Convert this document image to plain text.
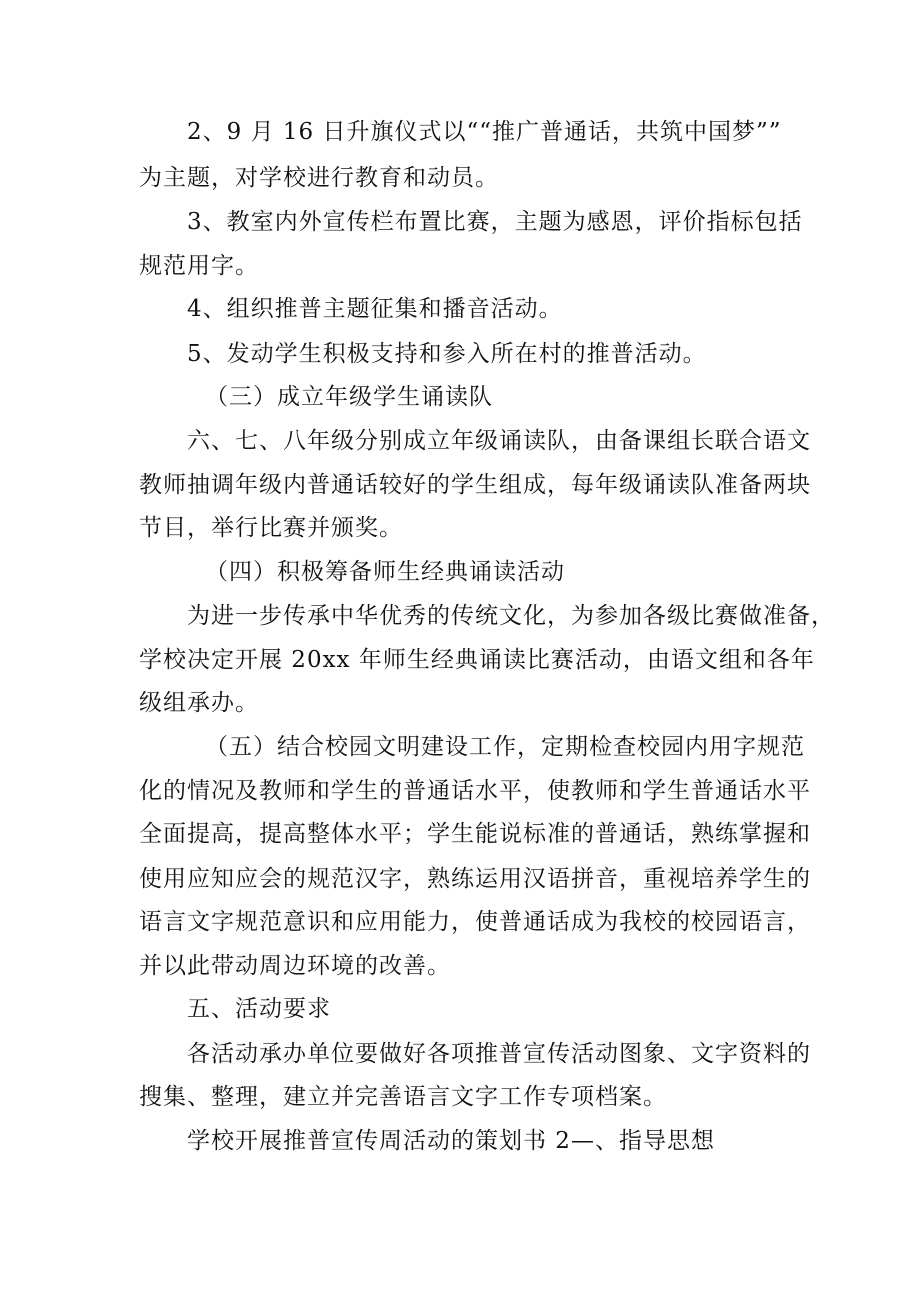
2、9 月 16 日升旗仪式以““推广普通话，共筑中国梦””
为主题，对学校进行教育和动员。
3、教室内外宣传栏布置比赛，主题为感恩，评价指标包括
规范用字。
4、组织推普主题征集和播音活动。
5、发动学生积极支持和参入所在村的推普活动。
（三）成立年级学生诵读队
六、七、八年级分别成立年级诵读队，由备课组长联合语文
教师抽调年级内普通话较好的学生组成，每年级诵读队准备两块
节目，举行比赛并颁奖。
（四）积极筹备师生经典诵读活动
为进一步传承中华优秀的传统文化，为参加各级比赛做准备，
学校决定开展 20xx 年师生经典诵读比赛活动，由语文组和各年
级组承办。
（五）结合校园文明建设工作，定期检查校园内用字规范
化的情况及教师和学生的普通话水平，使教师和学生普通话水平
全面提高，提高整体水平；学生能说标准的普通话，熟练掌握和
使用应知应会的规范汉字，熟练运用汉语拼音，重视培养学生的
语言文字规范意识和应用能力，使普通话成为我校的校园语言，
并以此带动周边环境的改善。
五、活动要求
各活动承办单位要做好各项推普宣传活动图象、文字资料的
搜集、整理，建立并完善语言文字工作专项档案。
学校开展推普宣传周活动的策划书 2—、指导思想
